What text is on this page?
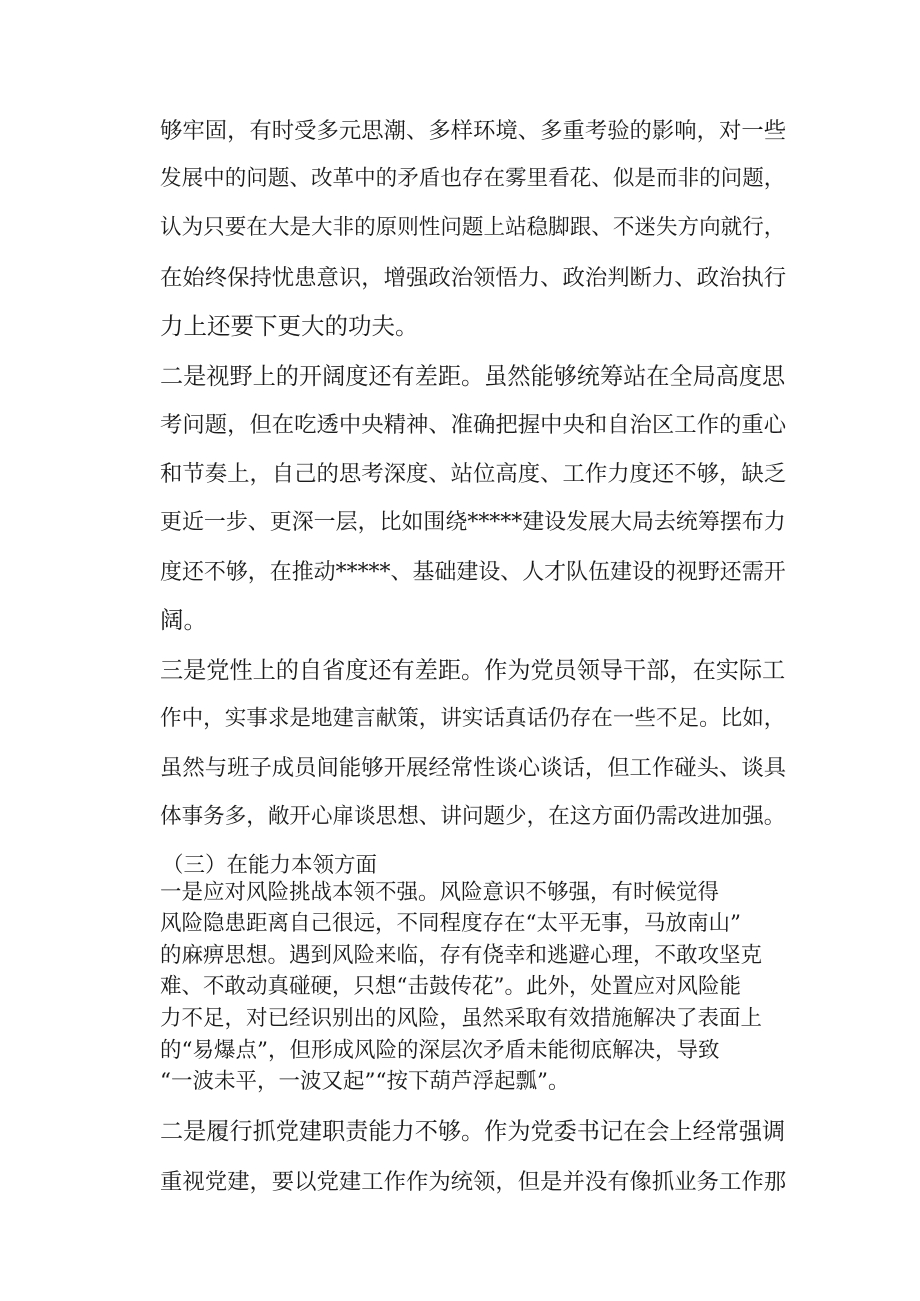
够牢固，有时受多元思潮、多样环境、多重考验的影响，对一些
发展中的问题、改革中的矛盾也存在雾里看花、似是而非的问题，
认为只要在大是大非的原则性问题上站稳脚跟、不迷失方向就行，
在始终保持忧患意识，增强政治领悟力、政治判断力、政治执行
力上还要下更大的功夫。
二是视野上的开阔度还有差距。虽然能够统筹站在全局高度思
考问题，但在吃透中央精神、准确把握中央和自治区工作的重心
和节奏上，自己的思考深度、站位高度、工作力度还不够，缺乏
更近一步、更深一层，比如围绕*****建设发展大局去统筹摆布力
度还不够，在推动*****、基础建设、人才队伍建设的视野还需开
阔。
三是党性上的自省度还有差距。作为党员领导干部，在实际工
作中，实事求是地建言献策，讲实话真话仍存在一些不足。比如，
虽然与班子成员间能够开展经常性谈心谈话，但工作碰头、谈具
体事务多，敞开心扉谈思想、讲问题少，在这方面仍需改进加强。
（三）在能力本领方面
一是应对风险挑战本领不强。风险意识不够强，有时候觉得
风险隐患距离自己很远，不同程度存在“太平无事，马放南山”
的麻痹思想。遇到风险来临，存有侥幸和逃避心理，不敢攻坚克
难、不敢动真碰硬，只想“击鼓传花”。此外，处置应对风险能
力不足，对已经识别出的风险，虽然采取有效措施解决了表面上
的“易爆点”，但形成风险的深层次矛盾未能彻底解决，导致
“一波未平，一波又起”“按下葫芦浮起瓢”。
二是履行抓党建职责能力不够。作为党委书记在会上经常强调
重视党建，要以党建工作作为统领，但是并没有像抓业务工作那
